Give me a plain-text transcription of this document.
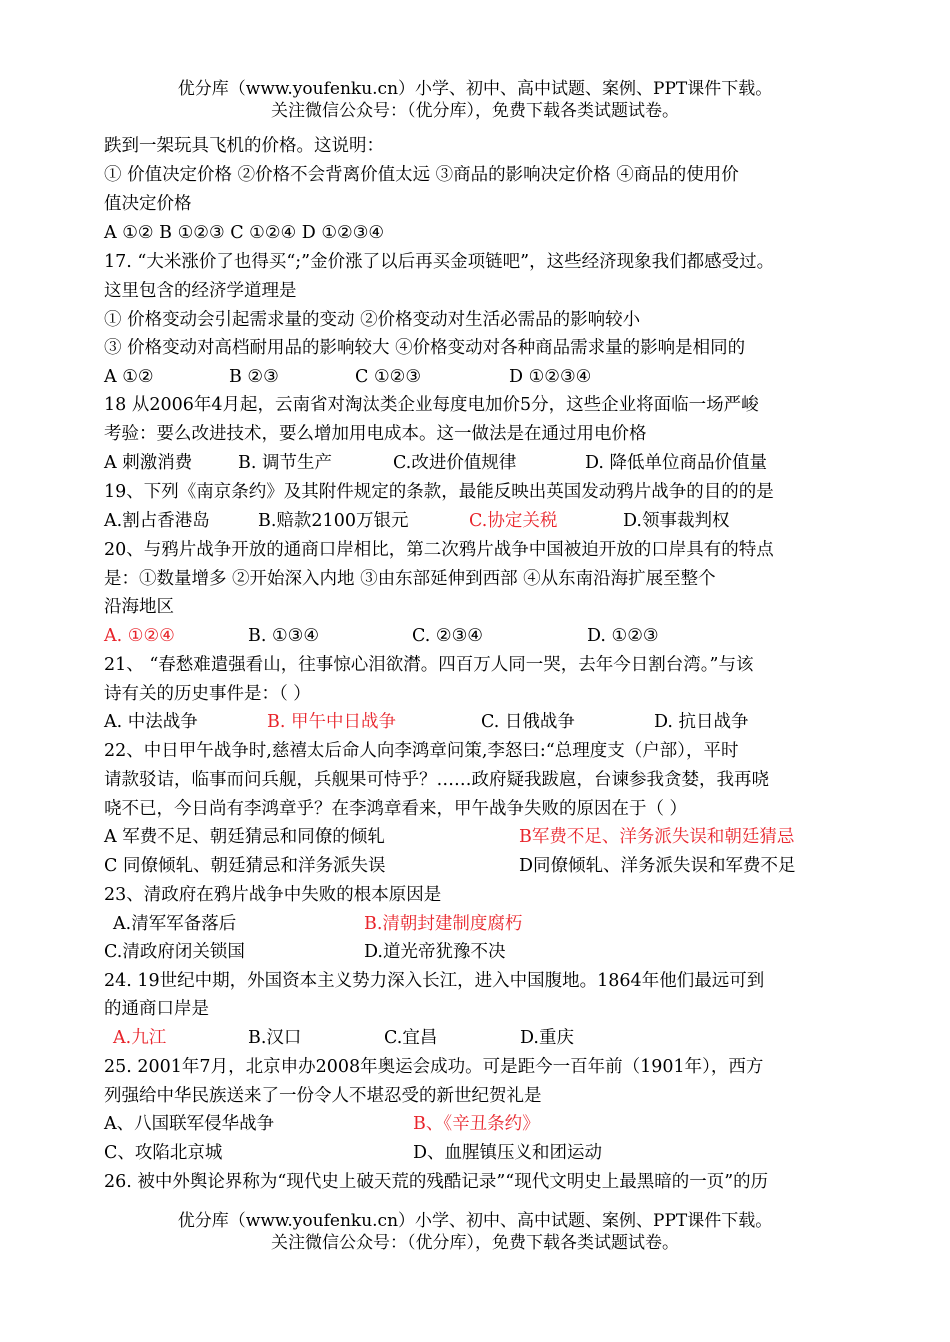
优分库（www.youfenku.cn）小学、初中、高中试题、案例、PPT课件下载。
关注微信公众号：（优分库），免费下载各类试题试卷。
跌到一架玩具飞机的价格。这说明：
① 价值决定价格 ②价格不会背离价值太远 ③商品的影响决定价格 ④商品的使用价
值决定价格
A ①② B ①②③ C ①②④ D ①②③④
17. “大米涨价了也得买“;”金价涨了以后再买金项链吧”，这些经济现象我们都感受过。
这里包含的经济学道理是
① 价格变动会引起需求量的变动 ②价格变动对生活必需品的影响较小
③ 价格变动对高档耐用品的影响较大 ④价格变动对各种商品需求量的影响是相同的
A ①②	B ②③	C ①②③	D ①②③④
18 从2006年4月起，云南省对淘汰类企业每度电加价5分，这些企业将面临一场严峻
考验：要么改进技术，要么增加用电成本。这一做法是在通过用电价格
A 刺激消费	B. 调节生产	C.改进价值规律	D. 降低单位商品价值量
19、下列《南京条约》及其附件规定的条款，最能反映出英国发动鸦片战争的目的的是
A.割占香港岛	B.赔款2100万银元	C.协定关税	D.领事裁判权
20、与鸦片战争开放的通商口岸相比，第二次鸦片战争中国被迫开放的口岸具有的特点
是：①数量增多 ②开始深入内地 ③由东部延伸到西部 ④从东南沿海扩展至整个
沿海地区
A. ①②④	B. ①③④	C. ②③④	D. ①②③
21、 “春愁难遣强看山，往事惊心泪欲潸。四百万人同一哭，去年今日割台湾。”与该
诗有关的历史事件是：（ ）
A. 中法战争	B. 甲午中日战争	C. 日俄战争	D. 抗日战争
22、中日甲午战争时,慈禧太后命人向李鸿章问策,李怒曰:“总理度支（户部），平时
请款驳诘，临事而问兵舰，兵舰果可恃乎？……政府疑我跋扈，台谏参我贪婪，我再哓
哓不已，今日尚有李鸿章乎？在李鸿章看来，甲午战争失败的原因在于（ ）
A 军费不足、朝廷猜忌和同僚的倾轧	B军费不足、洋务派失误和朝廷猜忌
C 同僚倾轧、朝廷猜忌和洋务派失误	D同僚倾轧、洋务派失误和军费不足
23、清政府在鸦片战争中失败的根本原因是
A.清军军备落后	B.清朝封建制度腐朽
C.清政府闭关锁国	D.道光帝犹豫不决
24. 19世纪中期，外国资本主义势力深入长江，进入中国腹地。1864年他们最远可到
的通商口岸是
A.九江	B.汉口	C.宜昌	D.重庆
25. 2001年7月，北京申办2008年奥运会成功。可是距今一百年前（1901年），西方
列强给中华民族送来了一份令人不堪忍受的新世纪贺礼是
A、八国联军侵华战争	B、《辛丑条约》
C、攻陷北京城	D、血腥镇压义和团运动
26. 被中外舆论界称为“现代史上破天荒的残酷记录”“现代文明史上最黑暗的一页”的历
优分库（www.youfenku.cn）小学、初中、高中试题、案例、PPT课件下载。
关注微信公众号：（优分库），免费下载各类试题试卷。
